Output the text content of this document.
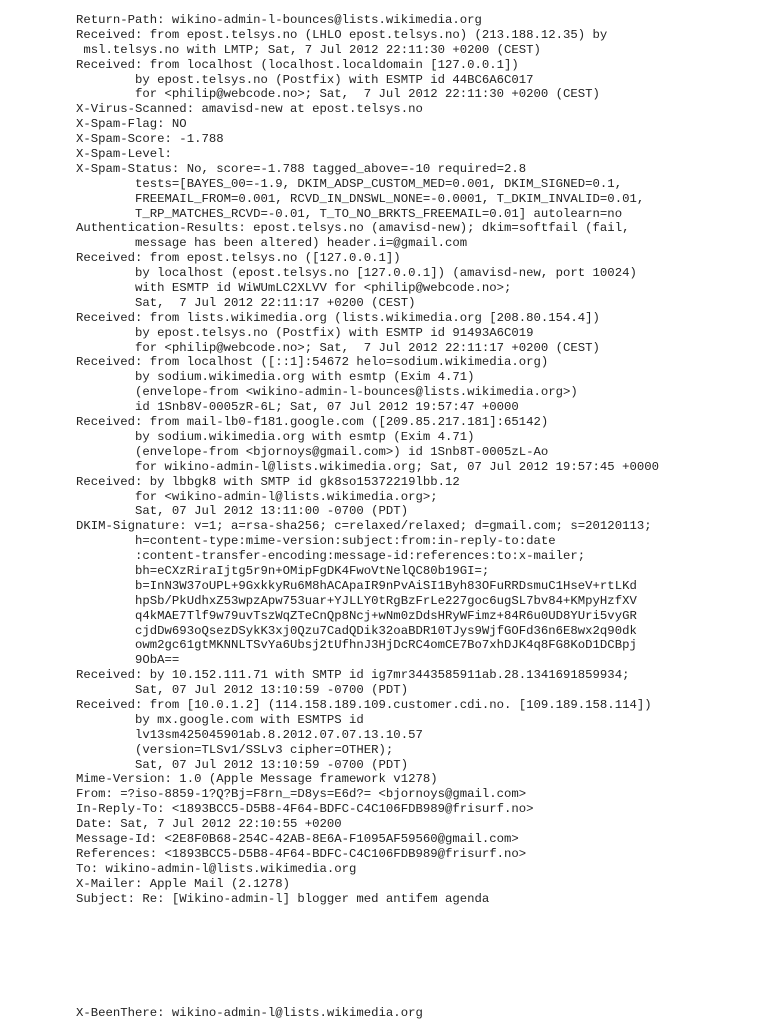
Return-Path: wikino-admin-l-bounces@lists.wikimedia.org
Received: from epost.telsys.no (LHLO epost.telsys.no) (213.188.12.35) by
msl.telsys.no with LMTP; Sat, 7 Jul 2012 22:11:30 +0200 (CEST)
Received: from localhost (localhost.localdomain [127.0.0.1])
by epost.telsys.no (Postfix) with ESMTP id 44BC6A6C017
for <philip@webcode.no>; Sat,  7 Jul 2012 22:11:30 +0200 (CEST)
X-Virus-Scanned: amavisd-new at epost.telsys.no
X-Spam-Flag: NO
X-Spam-Score: -1.788
X-Spam-Level:
X-Spam-Status: No, score=-1.788 tagged_above=-10 required=2.8
tests=[BAYES_00=-1.9, DKIM_ADSP_CUSTOM_MED=0.001, DKIM_SIGNED=0.1,
FREEMAIL_FROM=0.001, RCVD_IN_DNSWL_NONE=-0.0001, T_DKIM_INVALID=0.01,
T_RP_MATCHES_RCVD=-0.01, T_TO_NO_BRKTS_FREEMAIL=0.01] autolearn=no
Authentication-Results: epost.telsys.no (amavisd-new); dkim=softfail (fail,
message has been altered) header.i=@gmail.com
Received: from epost.telsys.no ([127.0.0.1])
by localhost (epost.telsys.no [127.0.0.1]) (amavisd-new, port 10024)
with ESMTP id WiWUmLC2XLVV for <philip@webcode.no>;
Sat,  7 Jul 2012 22:11:17 +0200 (CEST)
Received: from lists.wikimedia.org (lists.wikimedia.org [208.80.154.4])
by epost.telsys.no (Postfix) with ESMTP id 91493A6C019
for <philip@webcode.no>; Sat,  7 Jul 2012 22:11:17 +0200 (CEST)
Received: from localhost ([::1]:54672 helo=sodium.wikimedia.org)
by sodium.wikimedia.org with esmtp (Exim 4.71)
(envelope-from <wikino-admin-l-bounces@lists.wikimedia.org>)
id 1Snb8V-0005zR-6L; Sat, 07 Jul 2012 19:57:47 +0000
Received: from mail-lb0-f181.google.com ([209.85.217.181]:65142)
by sodium.wikimedia.org with esmtp (Exim 4.71)
(envelope-from <bjornoys@gmail.com>) id 1Snb8T-0005zL-Ao
for wikino-admin-l@lists.wikimedia.org; Sat, 07 Jul 2012 19:57:45 +0000
Received: by lbbgk8 with SMTP id gk8so15372219lbb.12
for <wikino-admin-l@lists.wikimedia.org>;
Sat, 07 Jul 2012 13:11:00 -0700 (PDT)
DKIM-Signature: v=1; a=rsa-sha256; c=relaxed/relaxed; d=gmail.com; s=20120113;
h=content-type:mime-version:subject:from:in-reply-to:date
:content-transfer-encoding:message-id:references:to:x-mailer;
bh=eCXzRiraIjtg5r9n+OMipFgDK4FwoVtNelQC80b19GI=;
b=InN3W37oUPL+9GxkkyRu6M8hACApaIR9nPvAiSI1Byh83OFuRRDsmuC1HseV+rtLKd
hpSb/PkUdhxZ53wpzApw753uar+YJLLY0tRgBzFrLe227goc6ugSL7bv84+KMpyHzfXV
q4kMAE7Tlf9w79uvTszWqZTeCnQp8Ncj+wNm0zDdsHRyWFimz+84R6u0UD8YUri5vyGR
cjdDw693oQsezDSykK3xj0Qzu7CadQDik32oaBDR10TJys9WjfGOFd36n6E8wx2q90dk
owm2gc61gtMKNNLTSvYa6Ubsj2tUfhnJ3HjDcRC4omCE7Bo7xhDJK4q8FG8KoD1DCBpj
9ObA==
Received: by 10.152.111.71 with SMTP id ig7mr3443585911ab.28.1341691859934;
Sat, 07 Jul 2012 13:10:59 -0700 (PDT)
Received: from [10.0.1.2] (114.158.189.109.customer.cdi.no. [109.189.158.114])
by mx.google.com with ESMTPS id
lv13sm425045901ab.8.2012.07.07.13.10.57
(version=TLSv1/SSLv3 cipher=OTHER);
Sat, 07 Jul 2012 13:10:59 -0700 (PDT)
Mime-Version: 1.0 (Apple Message framework v1278)
From: =?iso-8859-1?Q?Bj=F8rn_=D8ys=E6d?= <bjornoys@gmail.com>
In-Reply-To: <1893BCC5-D5B8-4F64-BDFC-C4C106FDB989@frisurf.no>
Date: Sat, 7 Jul 2012 22:10:55 +0200
Message-Id: <2E8F0B68-254C-42AB-8E6A-F1095AF59560@gmail.com>
References: <1893BCC5-D5B8-4F64-BDFC-C4C106FDB989@frisurf.no>
To: wikino-admin-l@lists.wikimedia.org
X-Mailer: Apple Mail (2.1278)
Subject: Re: [Wikino-admin-l] blogger med antifem agenda
X-BeenThere: wikino-admin-l@lists.wikimedia.org
